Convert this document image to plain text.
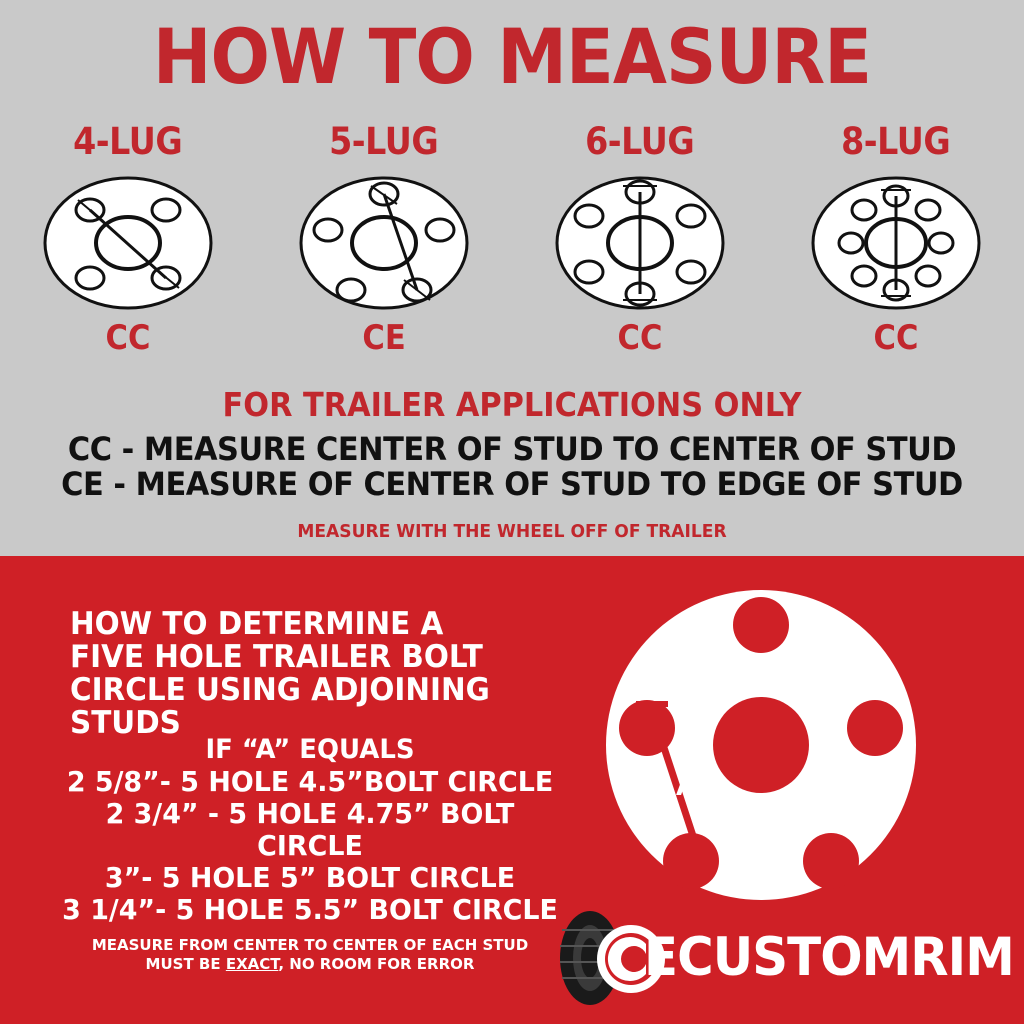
HOW TO MEASURE
4-LUG
CC
5-LUG
CE
6-LUG
CC
8-LUG
CC
FOR TRAILER APPLICATIONS ONLY
CC - MEASURE CENTER OF STUD TO CENTER OF STUD
CE - MEASURE OF CENTER OF STUD TO EDGE OF STUD
MEASURE WITH THE WHEEL OFF OF TRAILER
HOW TO DETERMINE A FIVE HOLE TRAILER BOLT CIRCLE USING ADJOINING STUDS
IF “A” EQUALS
2 5/8”- 5 HOLE 4.5”BOLT CIRCLE
2 3/4” - 5 HOLE 4.75” BOLT CIRCLE
3”- 5 HOLE 5” BOLT CIRCLE
3 1/4”- 5 HOLE 5.5” BOLT CIRCLE
MEASURE FROM CENTER TO CENTER OF EACH STUD
MUST BE EXACT, NO ROOM FOR ERROR
A
ECUSTOMRIM
